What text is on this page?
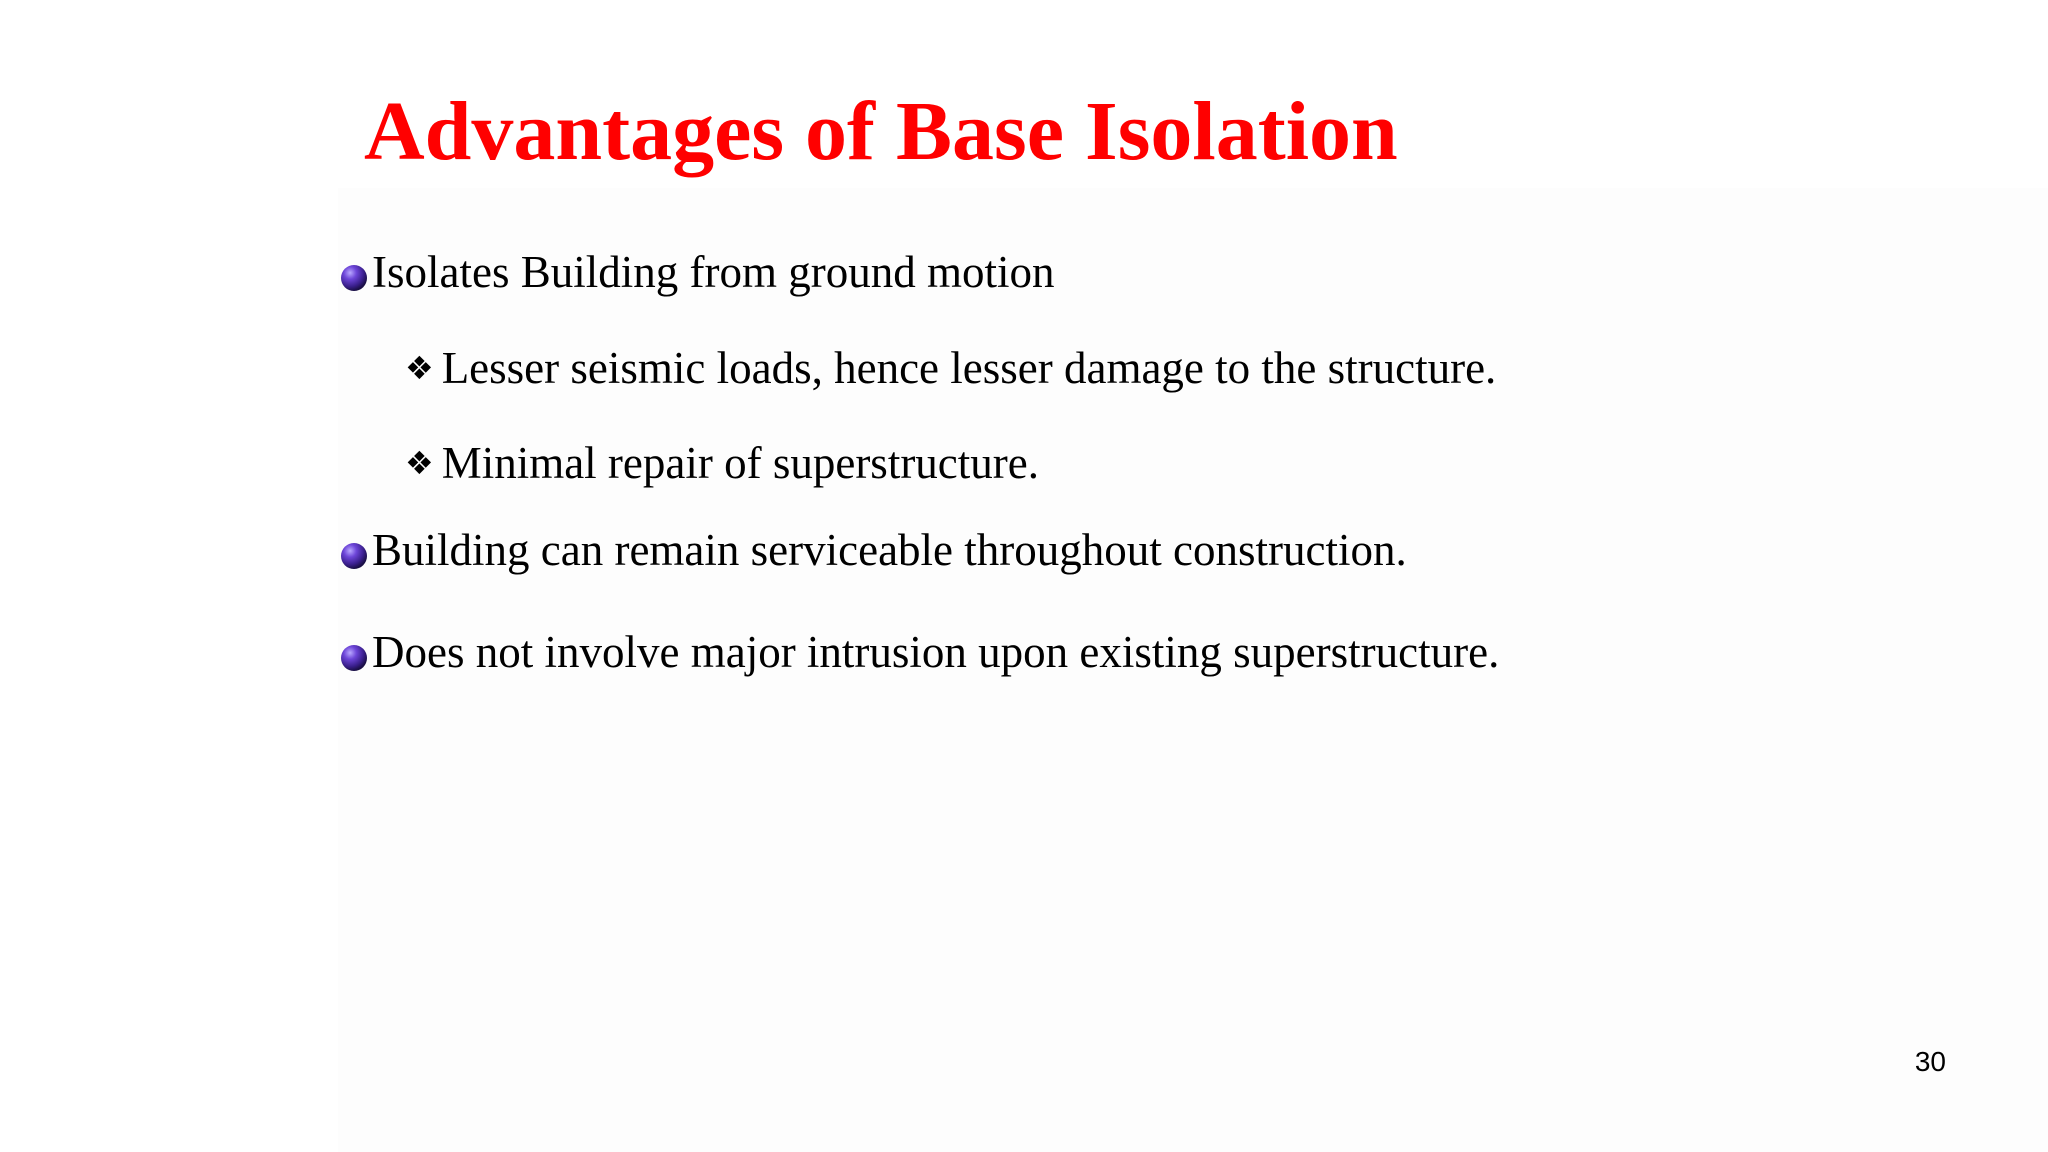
Advantages of Base Isolation
Isolates Building from ground motion
❖ Lesser seismic loads, hence lesser damage to the structure.
❖ Minimal repair of superstructure.
Building can remain serviceable throughout construction.
Does not involve major intrusion upon existing superstructure.
30
